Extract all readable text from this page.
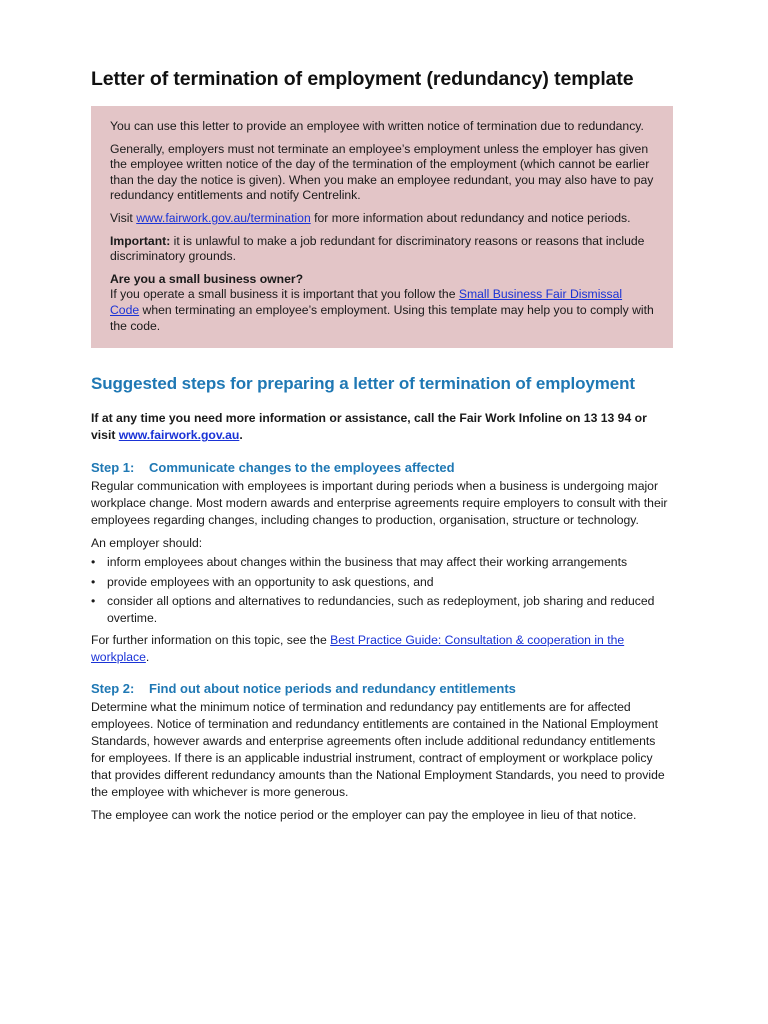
Letter of termination of employment (redundancy) template

You can use this letter to provide an employee with written notice of termination due to redundancy.

Generally, employers must not terminate an employee’s employment unless the employer has given the employee written notice of the day of the termination of the employment (which cannot be earlier than the day the notice is given). When you make an employee redundant, you may also have to pay redundancy entitlements and notify Centrelink.

Visit www.fairwork.gov.au/termination for more information about redundancy and notice periods.

Important: it is unlawful to make a job redundant for discriminatory reasons or reasons that include discriminatory grounds.

Are you a small business owner?
If you operate a small business it is important that you follow the Small Business Fair Dismissal Code when terminating an employee’s employment. Using this template may help you to comply with the code.

Suggested steps for preparing a letter of termination of employment

If at any time you need more information or assistance, call the Fair Work Infoline on 13 13 94 or visit www.fairwork.gov.au.

Step 1: Communicate changes to the employees affected

Regular communication with employees is important during periods when a business is undergoing major workplace change. Most modern awards and enterprise agreements require employers to consult with their employees regarding changes, including changes to production, organisation, structure or technology.

An employer should:

• inform employees about changes within the business that may affect their working arrangements
• provide employees with an opportunity to ask questions, and
• consider all options and alternatives to redundancies, such as redeployment, job sharing and reduced overtime.

For further information on this topic, see the Best Practice Guide: Consultation & cooperation in the workplace.

Step 2: Find out about notice periods and redundancy entitlements

Determine what the minimum notice of termination and redundancy pay entitlements are for affected employees. Notice of termination and redundancy entitlements are contained in the National Employment Standards, however awards and enterprise agreements often include additional redundancy entitlements for employees. If there is an applicable industrial instrument, contract of employment or workplace policy that provides different redundancy amounts than the National Employment Standards, you need to provide the employee with whichever is more generous.

The employee can work the notice period or the employer can pay the employee in lieu of that notice.
